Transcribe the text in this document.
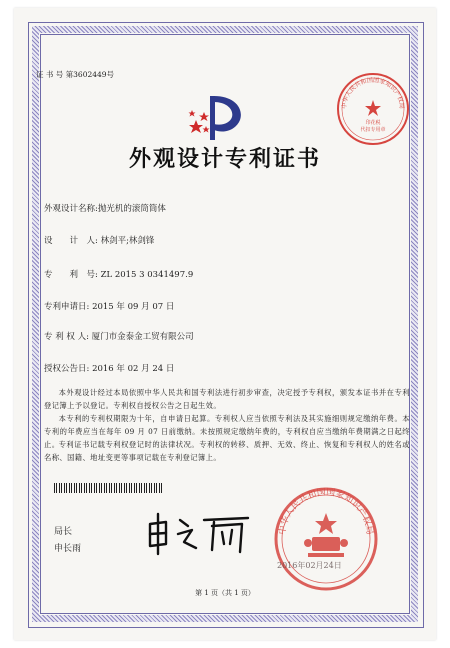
证 书 号 第3602449号
中华人民共和国国家知识产权局
印花税
代扣专用章
外观设计专利证书
外观设计名称:抛光机的滚筒筒体
设　　计　人: 林剑平;林剑锋
专　　利　号: ZL 2015 3 0341497.9
专利申请日: 2015 年 09 月 07 日
专 利 权 人: 厦门市金泰金工贸有限公司
授权公告日: 2016 年 02 月 24 日
本外观设计经过本局依照中华人民共和国专利法进行初步审查，决定授予专利权，颁发本证书并在专利登记簿上予以登记。专利权自授权公告之日起生效。
本专利的专利权期限为十年，自申请日起算。专利权人应当依照专利法及其实施细则规定缴纳年费。本专利的年费应当在每年 09 月 07 日前缴纳。未按照规定缴纳年费的，专利权自应当缴纳年费期满之日起终止。 专利证书记载专利权登记时的法律状况。专利权的转移、质押、无效、终止、恢复和专利权人的姓名或名称、国籍、地址变更等事项记载在专利登记簿上。
局长
申长雨
中华人民共和国国家知识产权局
2016年02月24日
第 1 页（共 1 页）
